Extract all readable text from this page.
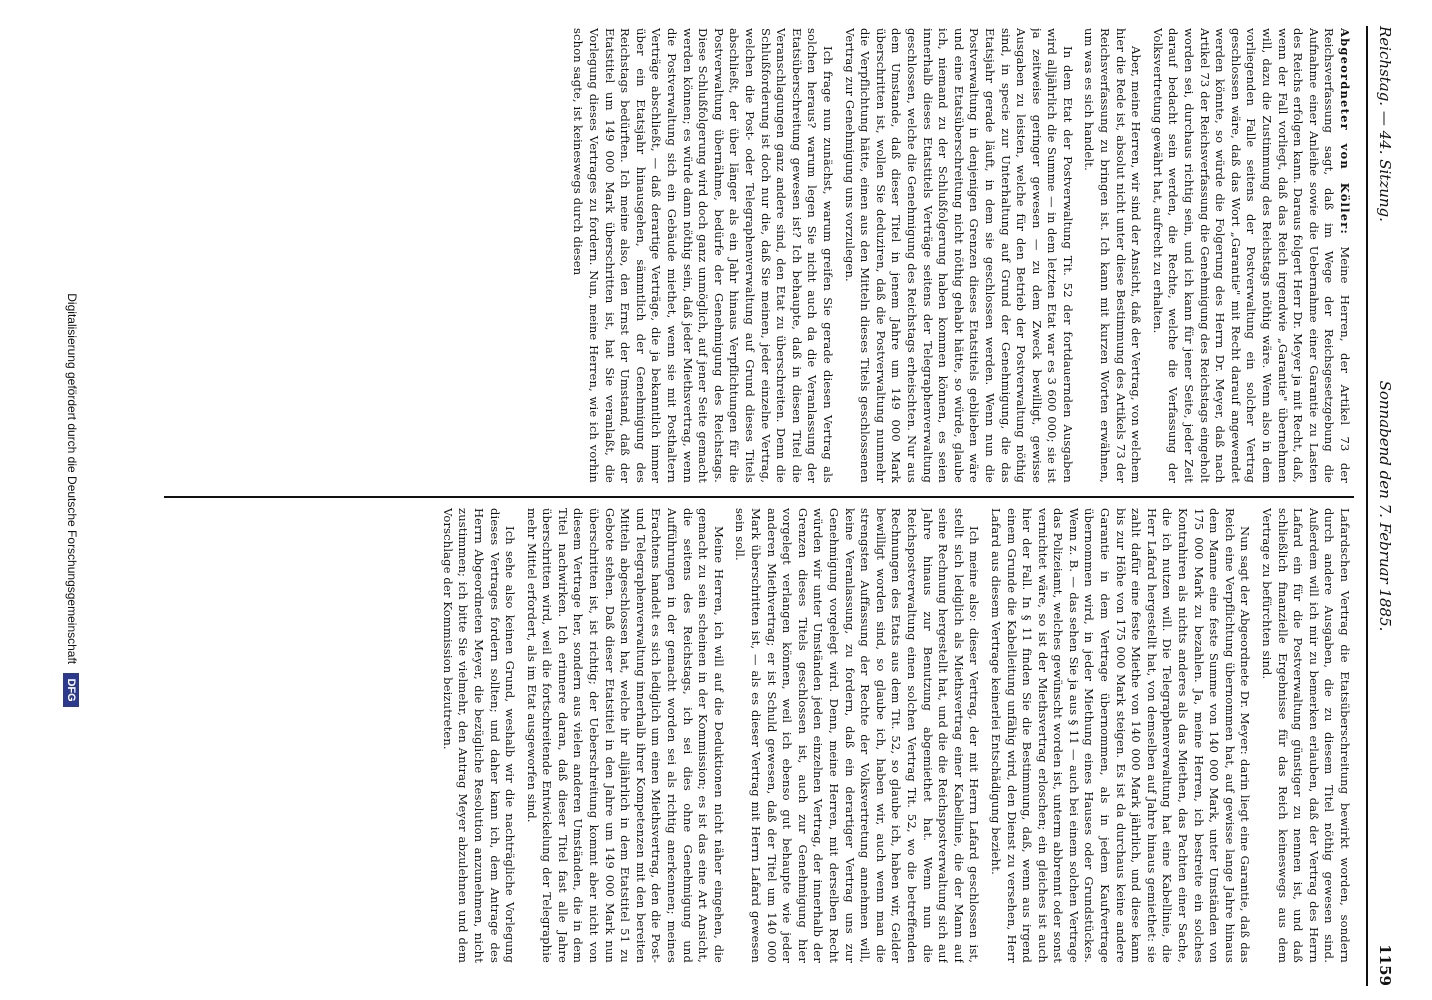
Reichstag. — 44. Sitzung.
Sonnabend den 7. Februar 1885.
1159

Abgeordneter von Köller: Meine Herren, der Artikel 73 der Reichsverfassung sagt, daß im Wege der Reichsgesetzgebung die Aufnahme einer Anleihe sowie die Uebernahme einer Garantie zu Lasten des Reichs erfolgen kann. Daraus folgert Herr Dr. Meyer ja mit Recht, daß, wenn der Fall vorliegt, daß das Reich irgendwie „Garantie" übernehmen will, dazu die Zustimmung des Reichstags nöthig wäre. Wenn also in dem vorliegenden Falle seitens der Postverwaltung ein solcher Vertrag geschlossen wäre, daß das Wort „Garantie" mit Recht darauf angewendet werden könnte, so würde die Folgerung des Herrn Dr. Meyer, daß nach Artikel 73 der Reichsverfassung die Genehmigung des Reichstags eingeholt worden sei, durchaus richtig sein, und ich kann für jener Seite, jeder Zeit darauf bedacht sein werden, die Rechte, welche die Verfassung der Volksvertretung gewährt hat, aufrecht zu erhalten.

Aber, meine Herren, wir sind der Ansicht, daß der Vertrag, von welchem hier die Rede ist, absolut nicht unter diese Bestimmung des Artikels 73 der Reichsverfassung zu bringen ist. Ich kann mit kurzen Worten erwähnen, um was es sich handelt.

In dem Etat der Postverwaltung Tit. 52 der fortdauernden Ausgaben wird alljährlich die Summe — in dem letzten Etat war es 3 600 000; sie ist ja zeitweise geringer gewesen — zu dem Zweck bewilligt, gewisse Ausgaben zu leisten, welche für den Betrieb der Postverwaltung nöthig sind, in specie zur Unterhaltung auf Grund der Genehmigung, die das Etatsjahr gerade läuft, in dem sie geschlossen werden. Wenn nun die Postverwaltung in denjenigen Grenzen dieses Etatstitels geblieben wäre und eine Etatsüberschreitung nicht nöthig gehabt hätte, so würde, glaube ich, niemand zu der Schlußfolgerung haben kommen können, es seien innerhalb dieses Etatstitels Verträge seitens der Telegraphenverwaltung geschlossen, welche die Genehmigung des Reichstags erheischten. Nur aus dem Umstande, daß dieser Titel in jenem Jahre um 149 000 Mark überschritten ist, wollen Sie deduziren, daß die Postverwaltung nunmehr die Verpflichtung hätte, einen aus den Mitteln dieses Titels geschlossenen Vertrag zur Genehmigung uns vorzulegen.

Ich frage nun zunächst, warum greifen Sie gerade diesen Vertrag als solchen heraus? warum legen Sie nicht auch da die Veranlassung der Etatsüberschreitung gewesen ist? Ich behaupte, daß in diesen Titel die Veranschlagungen ganz andere sind, den Etat zu überschreiten. Denn die Schlußforderung ist doch nur die, daß Sie meinen, jeder einzelne Vertrag, welchen die Post- oder Telegraphenverwaltung auf Grund dieses Titels abschließt, der über länger als ein Jahr hinaus Verpflichtungen für die Postverwaltung übernähme, bedürfe der Genehmigung des Reichstags. Diese Schlußfolgerung wird doch ganz unmöglich, auf jener Seite gemacht werden können; es würde dann nöthig sein, daß jeder Miethsvertrag, wenn die Postverwaltung sich ein Gebäude miethet, wenn sie mit Posthaltern Verträge abschließt, — daß derartige Verträge, die ja bekanntlich immer über ein Etatsjahr hinausgehen, sämmtlich der Genehmigung des Reichstags bedürften. Ich meine also, den Ernst der Umstand, daß der Etatstitel um 149 000 Mark überschritten ist, hat Sie veranlaßt, die Vorlegung dieses Vertrages zu fordern. Nun, meine Herren, wie ich vorhin schon sagte, ist keineswegs durch diesen

Lafardschen Vertrag die Etatsüberschreitung bewirkt worden, sondern durch andere Ausgaben, die zu diesem Titel nöthig gewesen sind. Außerdem will ich mir zu bemerken erlauben, daß der Vertrag des Herrn Lafard ein für die Postverwaltung günstiger zu nennen ist, und daß schließlich finanzielle Ergebnisse für das Reich keineswegs aus dem Vertrage zu befürchten sind.

Nun sagt der Abgeordnete Dr. Meyer: darin liegt eine Garantie, daß das Reich eine Verpflichtung übernommen hat, auf gewisse lange Jahre hinaus dem Manne eine feste Summe von 140 000 Mark, unter Umständen von 175 000 Mark zu bezahlen. Ja, meine Herren, ich bestreite ein solches Kontrahiren als nichts anderes als das Miethen, das Pachten einer Sache, die ich nutzen will. Die Telegraphenverwaltung hat eine Kabellinie, die Herr Lafard hergestellt hat, von demselben auf Jahre hinaus gemiethet: sie zahlt dafür eine feste Miethe von 140 000 Mark jährlich, und diese kann bis zur Höhe von 175 000 Mark steigen. Es ist da durchaus keine andere Garantie in dem Vertrage übernommen, als in jedem Kaufvertrage übernommen wird, in jeder Miethung eines Hauses oder Grundstückes. Wenn z. B. — das sehen Sie ja aus § 11 — auch bei einem solchen Vertrage das Polizeiamt, welches gewünscht worden ist, unterm abbrennt oder sonst vernichtet wäre, so ist der Miethsvertrag erloschen; ein gleiches ist auch hier der Fall. In § 11 finden Sie die Bestimmung, daß, wenn aus irgend einem Grunde die Kabelleitung unfähig wird, den Dienst zu versehen, Herr Lafard aus diesem Vertrage keinerlei Entschädigung bezieht.

Ich meine also: dieser Vertrag, der mit Herrn Lafard geschlossen ist, stellt sich lediglich als Miethsvertrag einer Kabellinie, die der Mann auf seine Rechnung hergestellt hat, und die die Reichspostverwaltung sich auf Jahre hinaus zur Benutzung abgemiethet hat. Wenn nun die Reichspostverwaltung einen solchen Vertrag Tit. 52, wo die betreffenden Rechnungen des Etats aus dem Tit. 52, so glaube ich, haben wir, Gelder bewilligt worden sind, so glaube ich, haben wir, auch wenn man die strengsten Auffassung der Rechte der Volksvertretung annehmen will, keine Veranlassung, zu fordern, daß ein derartiger Vertrag uns zur Genehmigung vorgelegt wird. Denn, meine Herren, mit derselben Recht würden wir unter Umständen jeden einzelnen Vertrag, der innerhalb der Grenzen dieses Titels geschlossen ist, auch zur Genehmigung hier vorgelegt verlangen können, weil ich ebenso gut behaupte wie jeder anderen Miethvertrag; er ist Schuld gewesen, daß der Titel um 140 000 Mark überschritten ist, — als es dieser Vertrag mit Herrn Lafard gewesen sein soll.

Meine Herren, ich will auf die Deduktionen nicht näher eingehen, die gemacht zu sein scheinen in der Kommission; es ist das eine Art Ansicht, die seitens des Reichstags, ich sei dies ohne Genehmigung und Aufführungen in der gemacht worden sei als richtig anerkennen; meines Erachtens handelt es sich lediglich um einen Miethsvertrag, den die Post- und Telegraphenverwaltung innerhalb ihrer Kompetenzen mit den bereiten Mitteln abgeschlossen hat, welche ihr alljährlich in dem Etatstitel 51 zu Gebote stehen. Daß dieser Etatstitel in den Jahre um 149 000 Mark nun überschritten ist, ist richtig; der Ueberschreitung kommt aber nicht von diesem Vertrage her, sondern aus vielen anderen Umständen, die in dem Titel nachwirken. Ich erinnere daran, daß dieser Titel fast alle Jahre überschritten wird, weil die fortschreitende Entwickelung der Telegraphie mehr Mittel erfordert, als im Etat ausgeworfen sind.

Ich sehe also keinen Grund, weshalb wir die nachträgliche Vorlegung dieses Vertrages fordern sollten; und daher kann ich, dem Antrage des Herrn Abgeordneten Meyer, die bezügliche Resolution anzunehmen, nicht zustimmen; ich bitte Sie vielmehr, den Antrag Meyer abzulehnen und dem Vorschlage der Kommission beizutreten.

Digitalisierung gefördert durch die Deutsche Forschungsgemeinschaft DFG
